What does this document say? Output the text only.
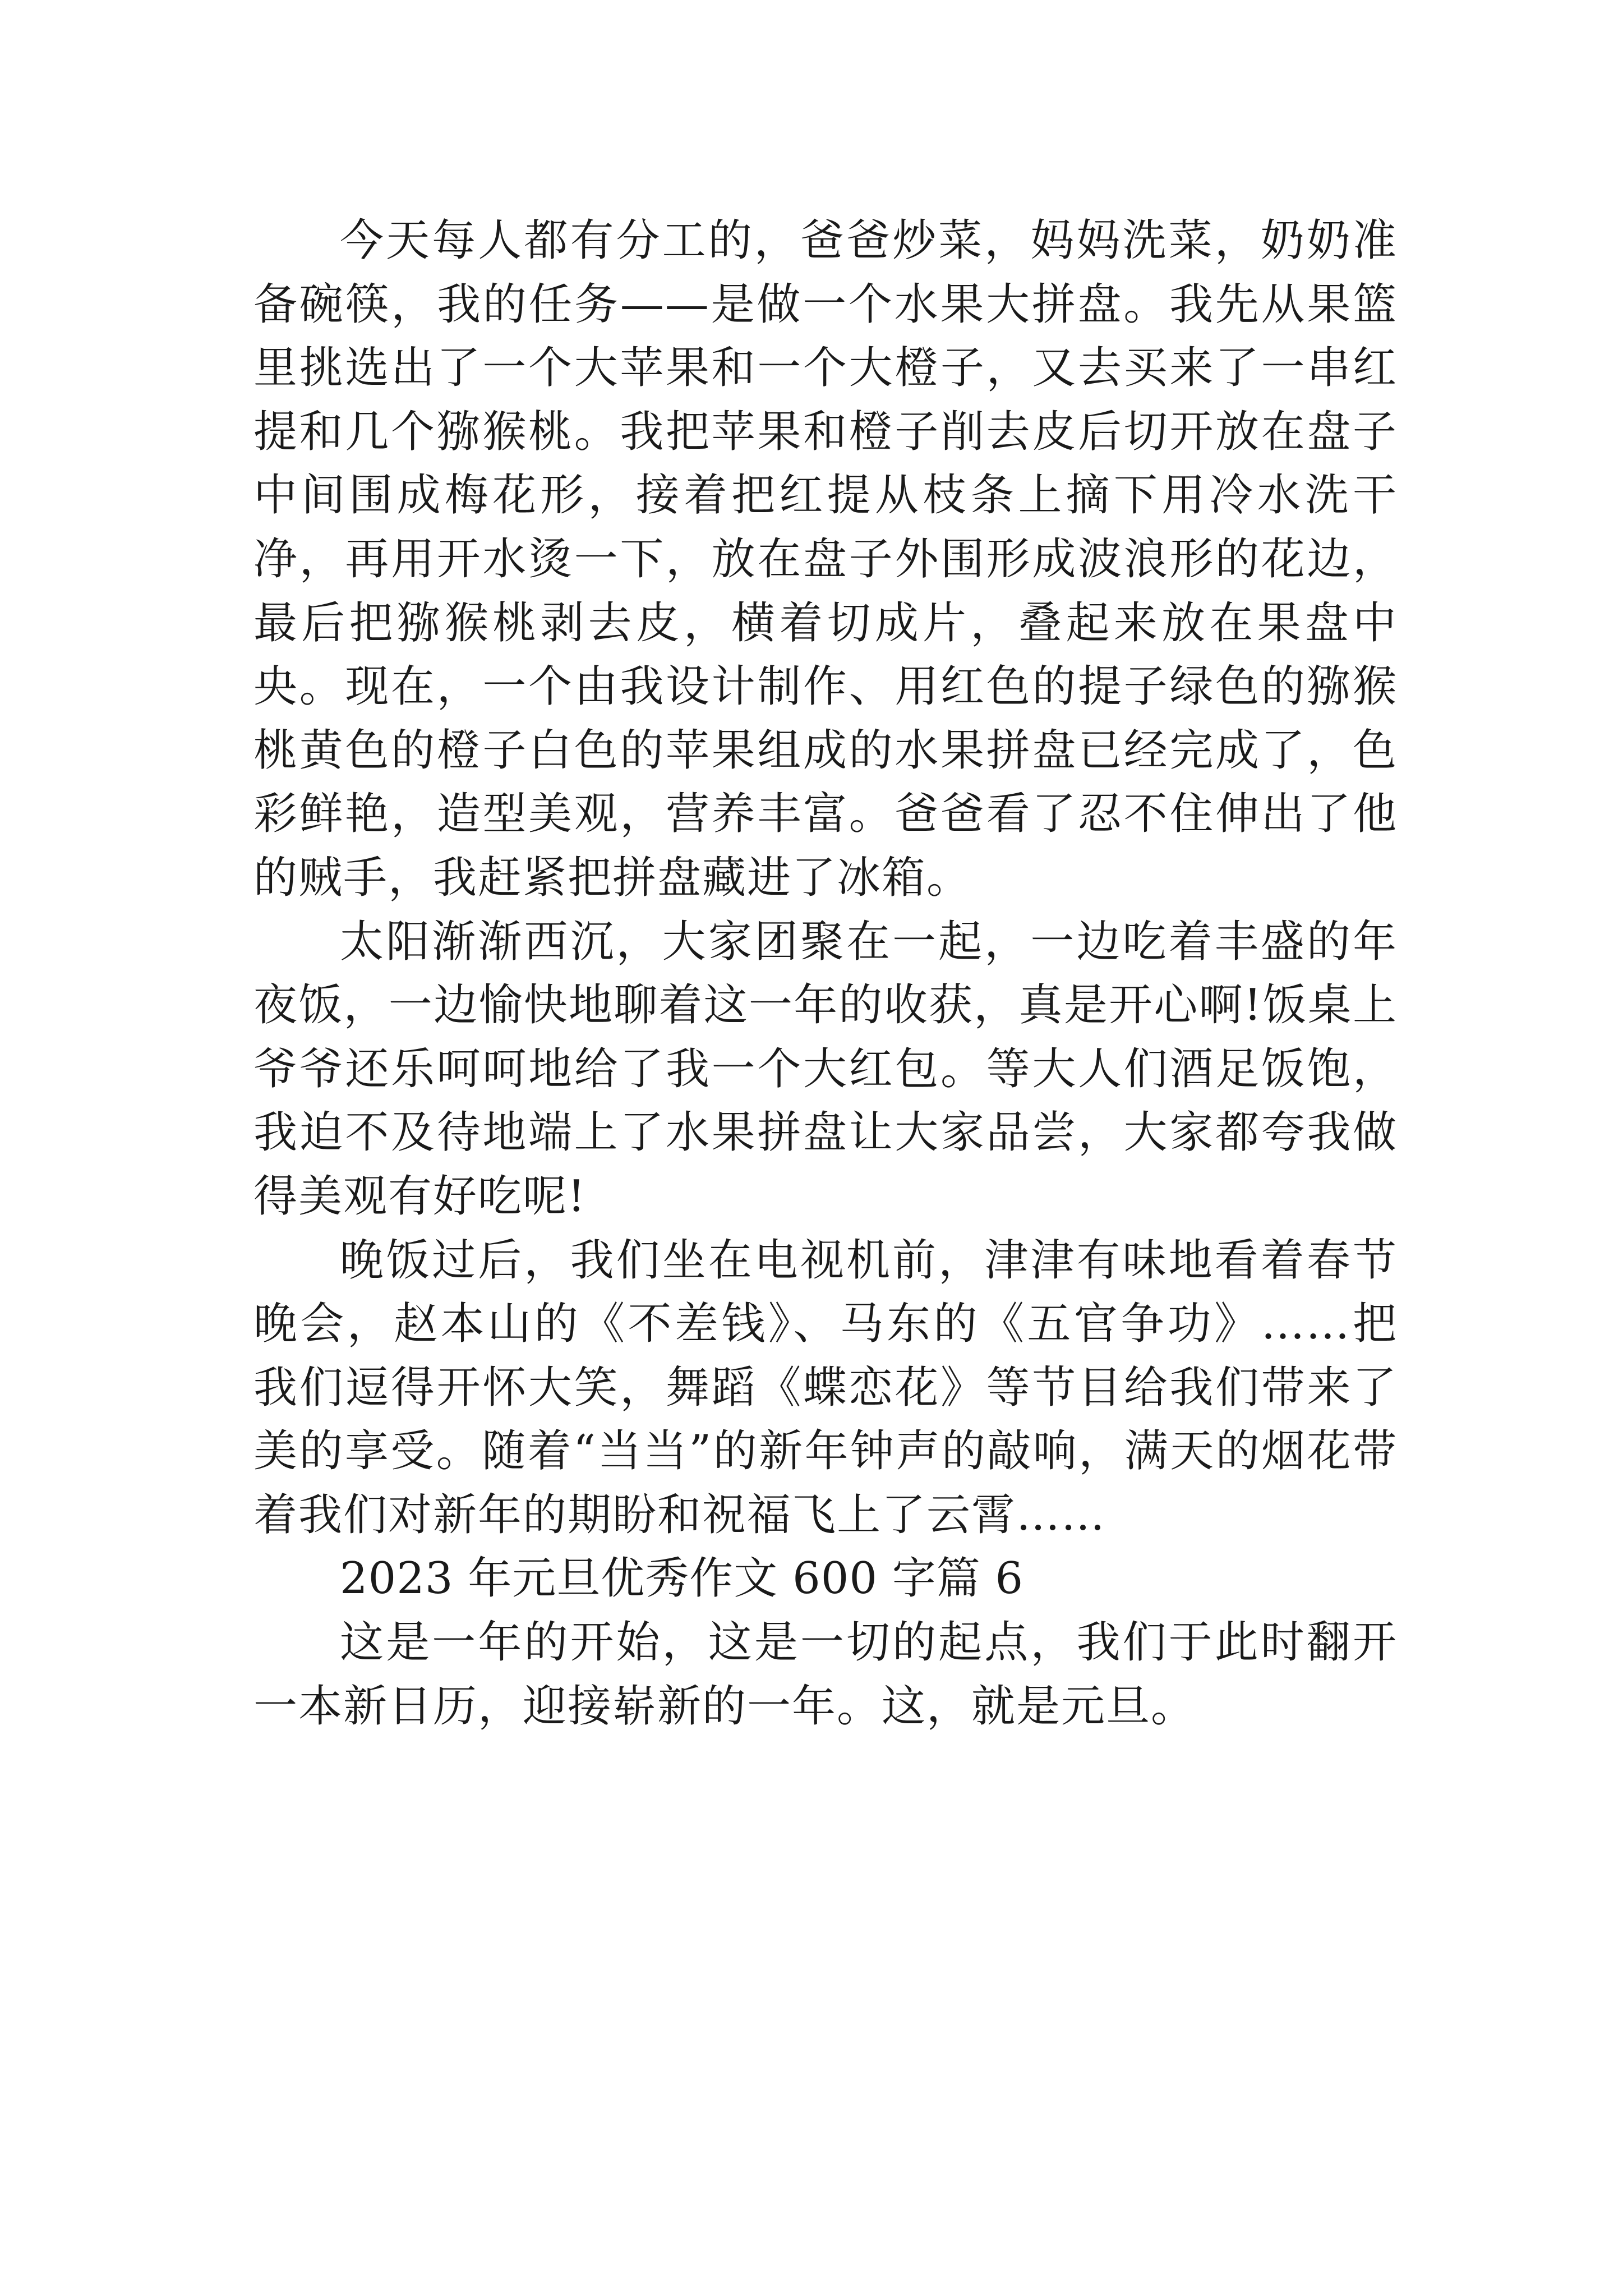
今天每人都有分工的，爸爸炒菜，妈妈洗菜，奶奶准备碗筷，我的任务——是做一个水果大拼盘。我先从果篮里挑选出了一个大苹果和一个大橙子，又去买来了一串红提和几个猕猴桃。我把苹果和橙子削去皮后切开放在盘子中间围成梅花形，接着把红提从枝条上摘下用冷水洗干净，再用开水烫一下，放在盘子外围形成波浪形的花边，最后把猕猴桃剥去皮，横着切成片，叠起来放在果盘中央。现在，一个由我设计制作、用红色的提子绿色的猕猴桃黄色的橙子白色的苹果组成的水果拼盘已经完成了，色彩鲜艳，造型美观，营养丰富。爸爸看了忍不住伸出了他的贼手，我赶紧把拼盘藏进了冰箱。

太阳渐渐西沉，大家团聚在一起，一边吃着丰盛的年夜饭，一边愉快地聊着这一年的收获，真是开心啊!饭桌上爷爷还乐呵呵地给了我一个大红包。等大人们酒足饭饱，我迫不及待地端上了水果拼盘让大家品尝，大家都夸我做得美观有好吃呢!

晚饭过后，我们坐在电视机前，津津有味地看着春节晚会，赵本山的《不差钱》、马东的《五官争功》……把我们逗得开怀大笑，舞蹈《蝶恋花》等节目给我们带来了美的享受。随着“当当”的新年钟声的敲响，满天的烟花带着我们对新年的期盼和祝福飞上了云霄……

2023 年元旦优秀作文 600 字篇 6

这是一年的开始，这是一切的起点，我们于此时翻开一本新日历，迎接崭新的一年。这，就是元旦。
